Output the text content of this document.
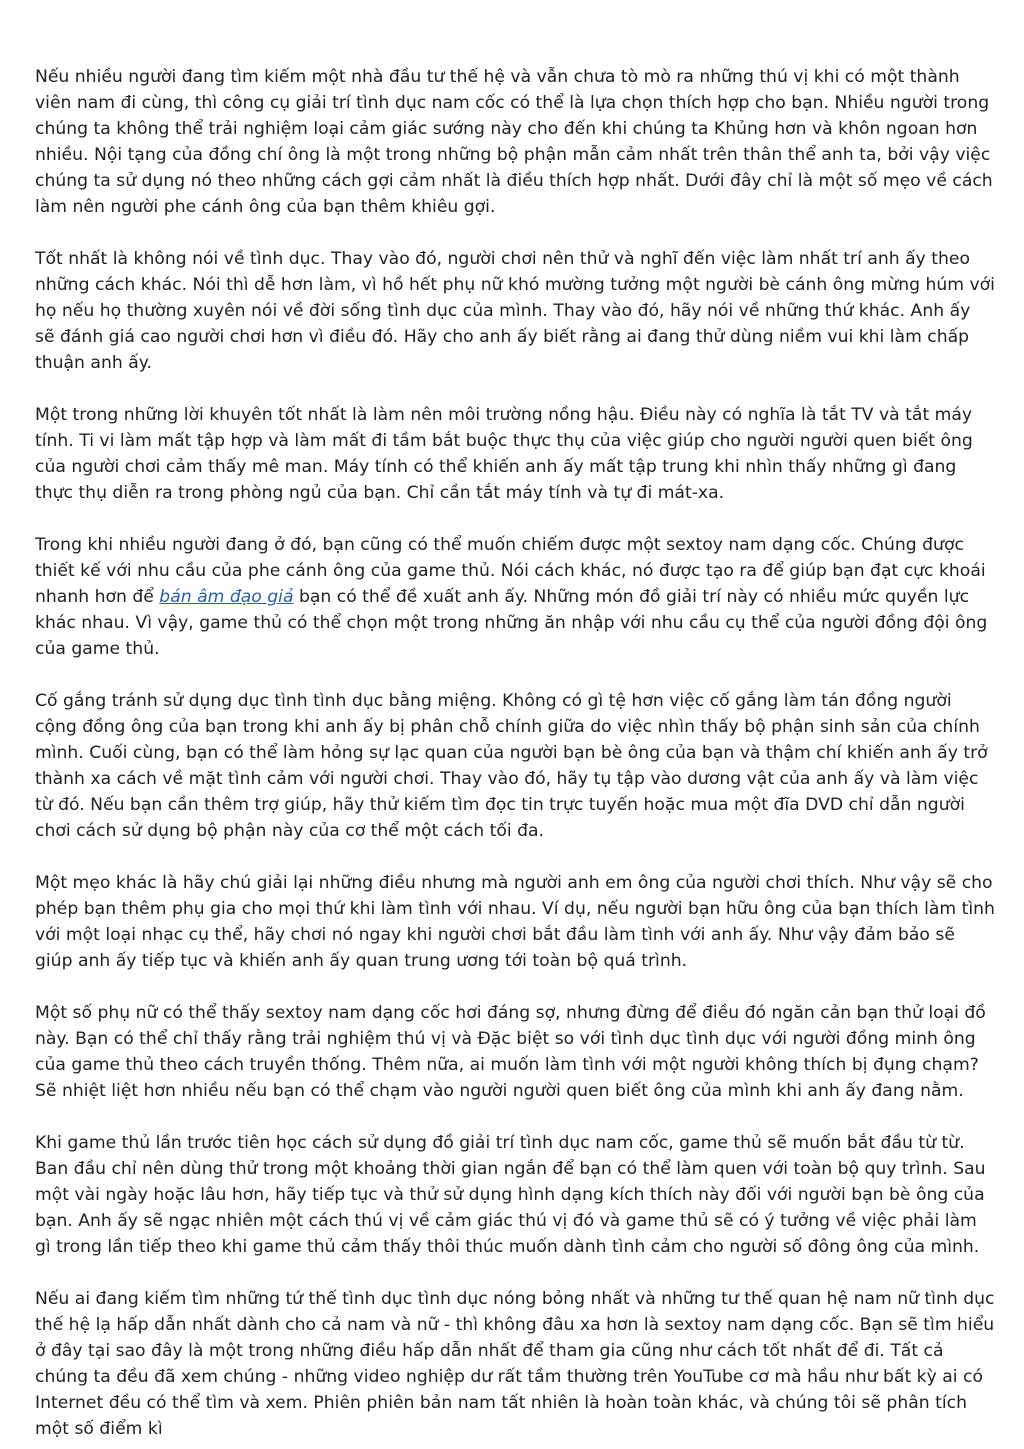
Nếu nhiều người đang tìm kiếm một nhà đầu tư thế hệ và vẫn chưa tò mò ra những thú vị khi có một thành viên nam đi cùng, thì công cụ giải trí tình dục nam cốc có thể là lựa chọn thích hợp cho bạn. Nhiều người trong chúng ta không thể trải nghiệm loại cảm giác sướng này cho đến khi chúng ta Khủng hơn và khôn ngoan hơn nhiều. Nội tạng của đồng chí ông là một trong những bộ phận mẫn cảm nhất trên thân thể anh ta, bởi vậy việc chúng ta sử dụng nó theo những cách gợi cảm nhất là điều thích hợp nhất. Dưới đây chỉ là một số mẹo về cách làm nên người phe cánh ông của bạn thêm khiêu gợi.

Tốt nhất là không nói về tình dục. Thay vào đó, người chơi nên thử và nghĩ đến việc làm nhất trí anh ấy theo những cách khác. Nói thì dễ hơn làm, vì hồ hết phụ nữ khó mường tưởng một người bè cánh ông mừng húm với họ nếu họ thường xuyên nói về đời sống tình dục của mình. Thay vào đó, hãy nói về những thứ khác. Anh ấy sẽ đánh giá cao người chơi hơn vì điều đó. Hãy cho anh ấy biết rằng ai đang thử dùng niềm vui khi làm chấp thuận anh ấy.

Một trong những lời khuyên tốt nhất là làm nên môi trường nồng hậu. Điều này có nghĩa là tắt TV và tắt máy tính. Ti vi làm mất tập hợp và làm mất đi tầm bắt buộc thực thụ của việc giúp cho người người quen biết ông của người chơi cảm thấy mê man. Máy tính có thể khiến anh ấy mất tập trung khi nhìn thấy những gì đang thực thụ diễn ra trong phòng ngủ của bạn. Chỉ cần tắt máy tính và tự đi mát-xa.

Trong khi nhiều người đang ở đó, bạn cũng có thể muốn chiếm được một sextoy nam dạng cốc. Chúng được thiết kế với nhu cầu của phe cánh ông của game thủ. Nói cách khác, nó được tạo ra để giúp bạn đạt cực khoái nhanh hơn để bán âm đạo giả bạn có thể đề xuất anh ấy. Những món đồ giải trí này có nhiều mức quyền lực khác nhau. Vì vậy, game thủ có thể chọn một trong những ăn nhập với nhu cầu cụ thể của người đồng đội ông của game thủ.

Cố gắng tránh sử dụng dục tình tình dục bằng miệng. Không có gì tệ hơn việc cố gắng làm tán đồng người cộng đồng ông của bạn trong khi anh ấy bị phân chỗ chính giữa do việc nhìn thấy bộ phận sinh sản của chính mình. Cuối cùng, bạn có thể làm hỏng sự lạc quan của người bạn bè ông của bạn và thậm chí khiến anh ấy trở thành xa cách về mặt tình cảm với người chơi. Thay vào đó, hãy tụ tập vào dương vật của anh ấy và làm việc từ đó. Nếu bạn cần thêm trợ giúp, hãy thử kiếm tìm đọc tin trực tuyến hoặc mua một đĩa DVD chỉ dẫn người chơi cách sử dụng bộ phận này của cơ thể một cách tối đa.

Một mẹo khác là hãy chú giải lại những điều nhưng mà người anh em ông của người chơi thích. Như vậy sẽ cho phép bạn thêm phụ gia cho mọi thứ khi làm tình với nhau. Ví dụ, nếu người bạn hữu ông của bạn thích làm tình với một loại nhạc cụ thể, hãy chơi nó ngay khi người chơi bắt đầu làm tình với anh ấy. Như vậy đảm bảo sẽ giúp anh ấy tiếp tục và khiến anh ấy quan trung ương tới toàn bộ quá trình.

Một số phụ nữ có thể thấy sextoy nam dạng cốc hơi đáng sợ, nhưng đừng để điều đó ngăn cản bạn thử loại đồ này. Bạn có thể chỉ thấy rằng trải nghiệm thú vị và Đặc biệt so với tình dục tình dục với người đồng minh ông của game thủ theo cách truyền thống. Thêm nữa, ai muốn làm tình với một người không thích bị đụng chạm? Sẽ nhiệt liệt hơn nhiều nếu bạn có thể chạm vào người người quen biết ông của mình khi anh ấy đang nằm.

Khi game thủ lần trước tiên học cách sử dụng đồ giải trí tình dục nam cốc, game thủ sẽ muốn bắt đầu từ từ. Ban đầu chỉ nên dùng thử trong một khoảng thời gian ngắn để bạn có thể làm quen với toàn bộ quy trình. Sau một vài ngày hoặc lâu hơn, hãy tiếp tục và thử sử dụng hình dạng kích thích này đối với người bạn bè ông của bạn. Anh ấy sẽ ngạc nhiên một cách thú vị về cảm giác thú vị đó và game thủ sẽ có ý tưởng về việc phải làm gì trong lần tiếp theo khi game thủ cảm thấy thôi thúc muốn dành tình cảm cho người số đông ông của mình.

Nếu ai đang kiếm tìm những tứ thế tình dục tình dục nóng bỏng nhất và những tư thế quan hệ nam nữ tình dục thế hệ lạ hấp dẫn nhất dành cho cả nam và nữ - thì không đâu xa hơn là sextoy nam dạng cốc. Bạn sẽ tìm hiểu ở đây tại sao đây là một trong những điều hấp dẫn nhất để tham gia cũng như cách tốt nhất để đi. Tất cả chúng ta đều đã xem chúng - những video nghiệp dư rất tầm thường trên YouTube cơ mà hầu như bất kỳ ai có Internet đều có thể tìm và xem. Phiên phiên bản nam tất nhiên là hoàn toàn khác, và chúng tôi sẽ phân tích một số điểm kì
